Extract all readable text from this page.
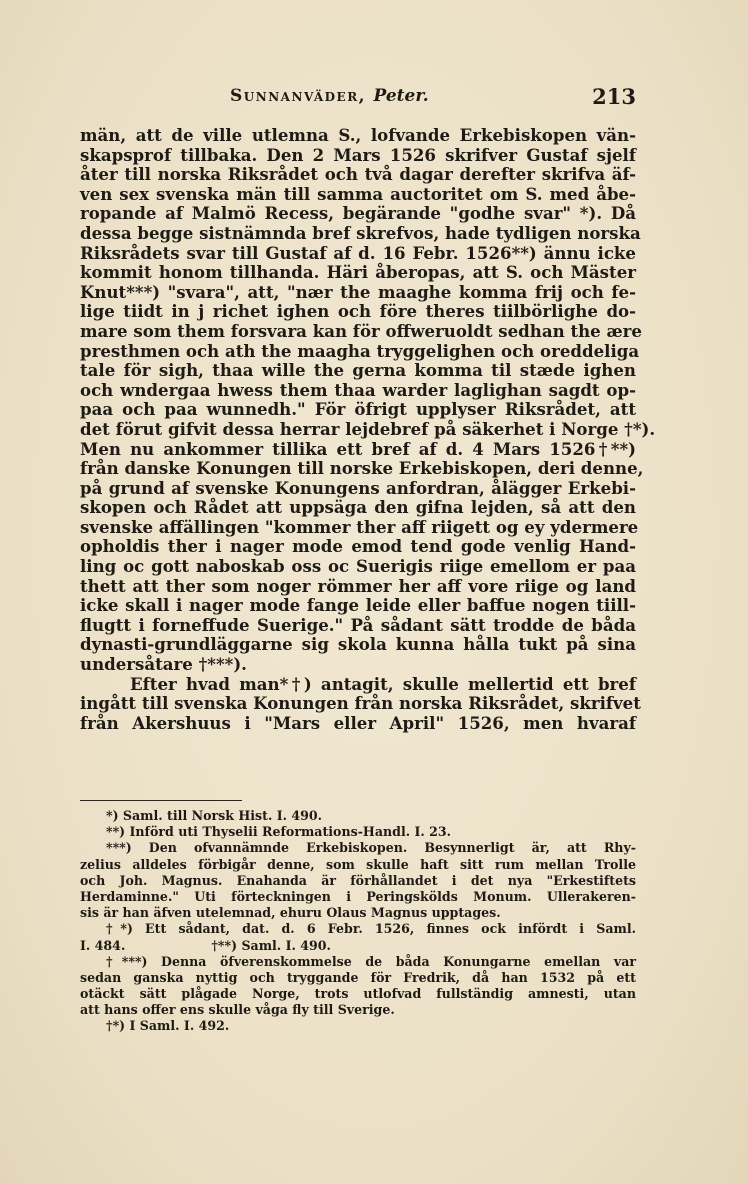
Sunnanväder, Peter.	213
män, att de ville utlemna S., lofvande Erkebiskopen vän-
skapsprof tillbaka. Den 2 Mars 1526 skrifver Gustaf sjelf
åter till norska Riksrådet och två dagar derefter skrifva äf-
ven sex svenska män till samma auctoritet om S. med åbe-
ropande af Malmö Recess, begärande "godhe svar" *). Då
dessa begge sistnämnda bref skrefvos, hade tydligen norska
Riksrådets svar till Gustaf af d. 16 Febr. 1526**) ännu icke
kommit honom tillhanda. Häri åberopas, att S. och Mäster
Knut***) "svara", att, "nær the maaghe komma frij och fe-
lige tiidt in j richet ighen och före theres tiilbörlighe do-
mare som them forsvara kan för offweruoldt sedhan the ære
presthmen och ath the maagha tryggelighen och oreddeliga
tale för sigh, thaa wille the gerna komma til stæde ighen
och wndergaa hwess them thaa warder laglighan sagdt op-
paa och paa wunnedh." För öfrigt upplyser Riksrådet, att
det förut gifvit dessa herrar lejdebref på säkerhet i Norge †*).
Men nu ankommer tillika ett bref af d. 4 Mars 1526†**)
från danske Konungen till norske Erkebiskopen, deri denne,
på grund af svenske Konungens anfordran, ålägger Erkebi-
skopen och Rådet att uppsäga den gifna lejden, så att den
svenske affällingen "kommer ther aff riigett og ey ydermere
opholdis ther i nager mode emod tend gode venlig Hand-
ling oc gott naboskab oss oc Suerigis riige emellom er paa
thett att ther som noger römmer her aff vore riige og land
icke skall i nager mode fange leide eller baffue nogen tiill-
flugtt i forneffude Suerige." På sådant sätt trodde de båda
dynasti-grundläggarne sig skola kunna hålla tukt på sina
undersåtare †***).
Efter hvad man*†) antagit, skulle mellertid ett bref
ingått till svenska Konungen från norska Riksrådet, skrifvet
från Akershuus i "Mars eller April" 1526, men hvaraf
*) Saml. till Norsk Hist. I. 490.
**) Införd uti Thyselii Reformations-Handl. I. 23.
***) Den ofvannämnde Erkebiskopen. Besynnerligt är, att Rhy-
zelius alldeles förbigår denne, som skulle haft sitt rum mellan Trolle
och Joh. Magnus. Enahanda är förhållandet i det nya "Erkestiftets
Herdaminne." Uti förteckningen i Peringskölds Monum. Ullerakeren-
sis är han äfven utelemnad, ehuru Olaus Magnus upptages.
†*) Ett sådant, dat. d. 6 Febr. 1526, finnes ock infördt i Saml.
I. 484.	†**) Saml. I. 490.
†***) Denna öfverenskommelse de båda Konungarne emellan var
sedan ganska nyttig och tryggande för Fredrik, då han 1532 på ett
otäckt sätt plågade Norge, trots utlofvad fullständig amnesti, utan
att hans offer ens skulle våga fly till Sverige.
†*) I Saml. I. 492.
